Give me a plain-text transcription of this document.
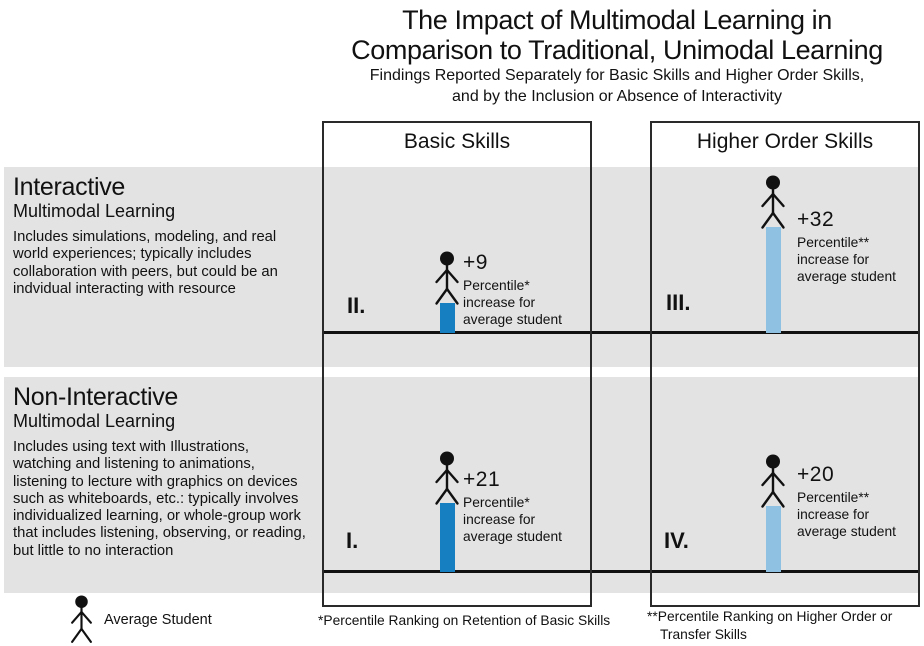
The Impact of Multimodal Learning in
Comparison to Traditional, Unimodal Learning
Findings Reported Separately for Basic Skills and Higher Order Skills,
and by the Inclusion or Absence of Interactivity
Basic Skills	Higher Order Skills
Interactive
Multimodal Learning
Includes simulations, modeling, and real world experiences; typically includes collaboration with peers, but could be an indvidual interacting with resource
Non-Interactive
Multimodal Learning
Includes using text with Illustrations, watching and listening to animations, listening to lecture with graphics on devices such as whiteboards, etc.: typically involves individualized learning, or whole-group work that includes listening, observing, or reading, but little to no interaction
+9
Percentile*
increase for
average student
II.
+32
Percentile**
increase for
average student
III.
+21
Percentile*
increase for
average student
I.
+20
Percentile**
increase for
average student
IV.
Average Student	*Percentile Ranking on Retention of Basic Skills	**Percentile Ranking on Higher Order or
Transfer Skills
